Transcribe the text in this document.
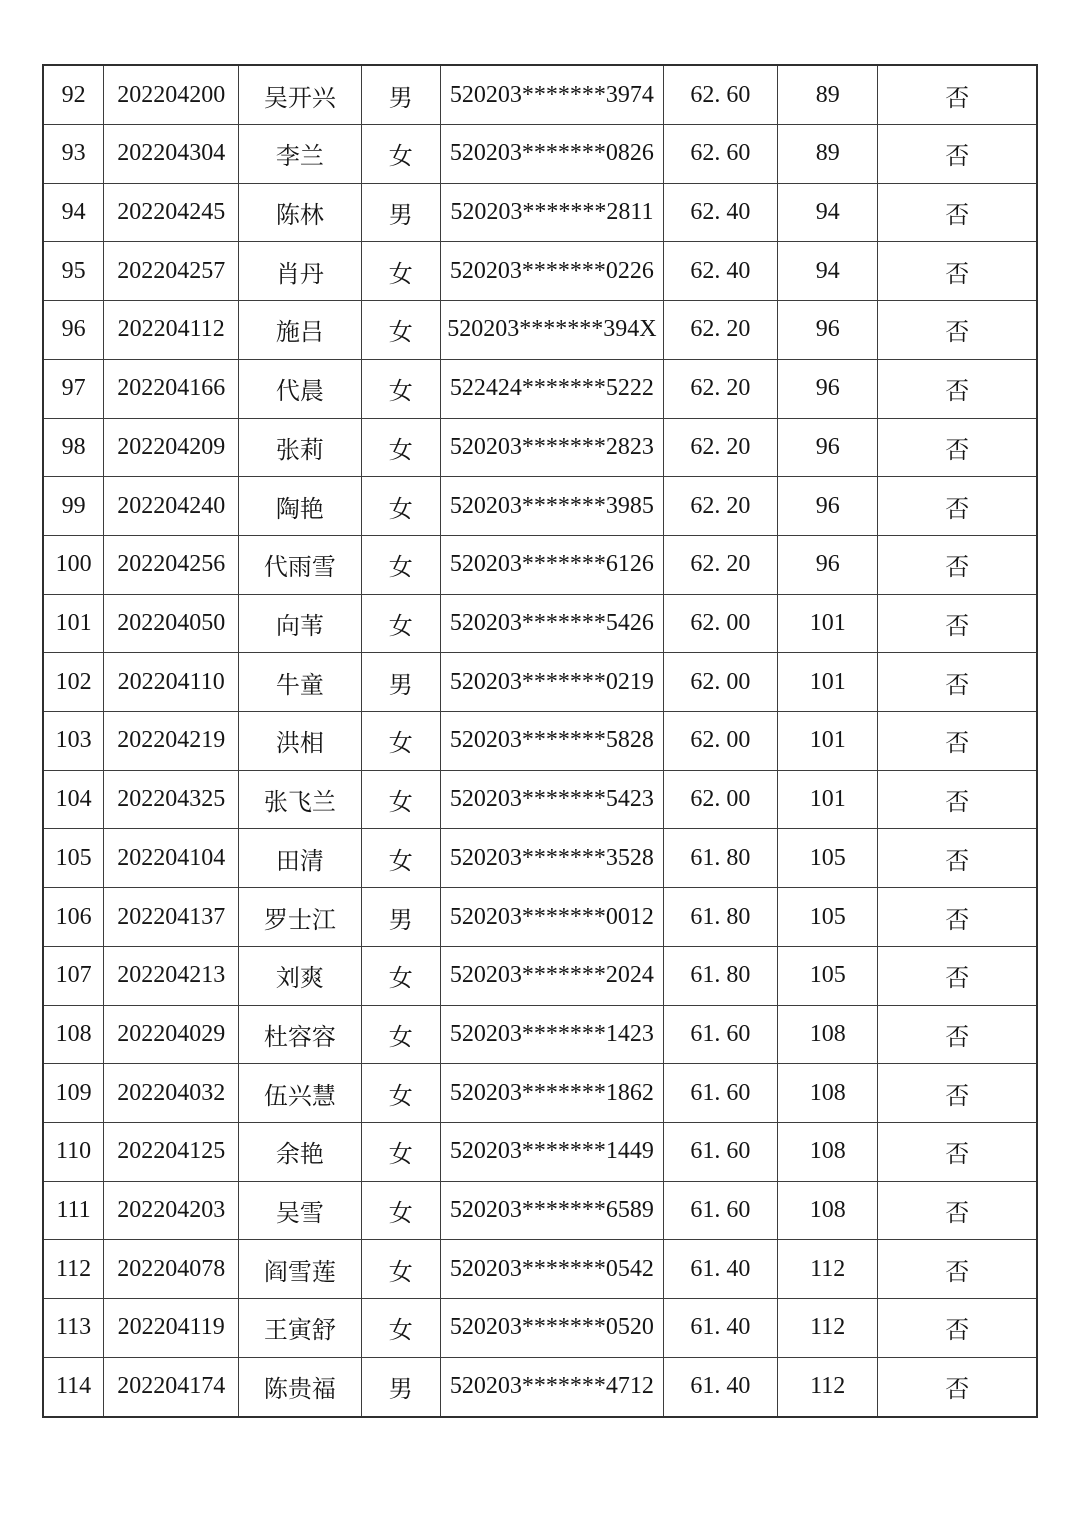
92	202204200	吴开兴	男	520203*******3974	62. 60	89	否
93	202204304	李兰	女	520203*******0826	62. 60	89	否
94	202204245	陈林	男	520203*******2811	62. 40	94	否
95	202204257	肖丹	女	520203*******0226	62. 40	94	否
96	202204112	施吕	女	520203*******394X	62. 20	96	否
97	202204166	代晨	女	522424*******5222	62. 20	96	否
98	202204209	张莉	女	520203*******2823	62. 20	96	否
99	202204240	陶艳	女	520203*******3985	62. 20	96	否
100	202204256	代雨雪	女	520203*******6126	62. 20	96	否
101	202204050	向苇	女	520203*******5426	62. 00	101	否
102	202204110	牛童	男	520203*******0219	62. 00	101	否
103	202204219	洪相	女	520203*******5828	62. 00	101	否
104	202204325	张飞兰	女	520203*******5423	62. 00	101	否
105	202204104	田清	女	520203*******3528	61. 80	105	否
106	202204137	罗士江	男	520203*******0012	61. 80	105	否
107	202204213	刘爽	女	520203*******2024	61. 80	105	否
108	202204029	杜容容	女	520203*******1423	61. 60	108	否
109	202204032	伍兴慧	女	520203*******1862	61. 60	108	否
110	202204125	余艳	女	520203*******1449	61. 60	108	否
111	202204203	吴雪	女	520203*******6589	61. 60	108	否
112	202204078	阎雪莲	女	520203*******0542	61. 40	112	否
113	202204119	王寅舒	女	520203*******0520	61. 40	112	否
114	202204174	陈贵福	男	520203*******4712	61. 40	112	否
